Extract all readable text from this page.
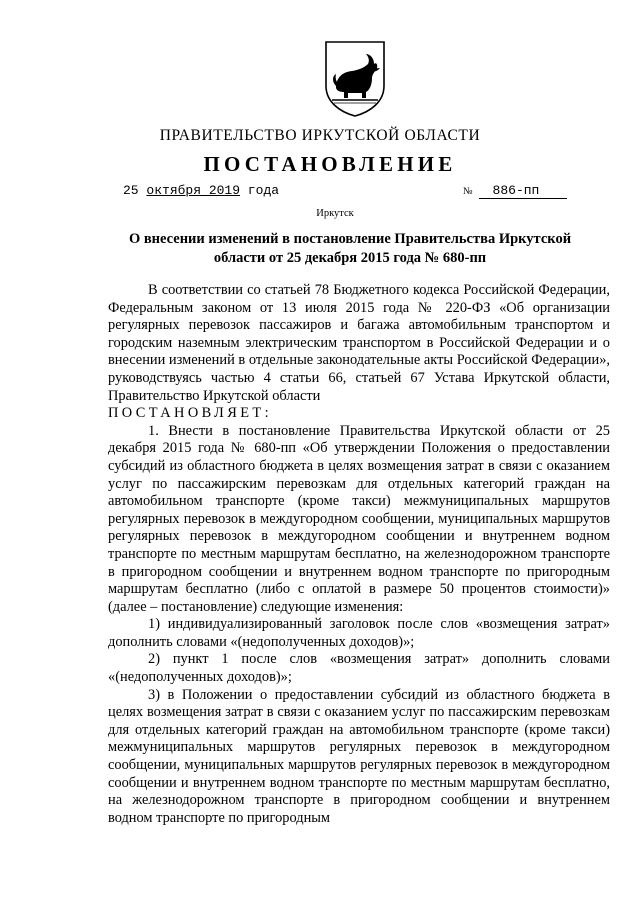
ПРАВИТЕЛЬСТВО ИРКУТСКОЙ ОБЛАСТИ
ПОСТАНОВЛЕНИЕ
25 октября 2019 года	№ 886-пп
Иркутск
О внесении изменений в постановление Правительства Иркутской
области от 25 декабря 2015 года № 680-пп

В соответствии со статьей 78 Бюджетного кодекса Российской Федерации, Федеральным законом от 13 июля 2015 года № 220-ФЗ «Об организации регулярных перевозок пассажиров и багажа автомобильным транспортом и городским наземным электрическим транспортом в Российской Федерации и о внесении изменений в отдельные законодательные акты Российской Федерации», руководствуясь частью 4 статьи 66, статьей 67 Устава Иркутской области, Правительство Иркутской области

ПОСТАНОВЛЯЕТ:

1. Внести в постановление Правительства Иркутской области от 25 декабря 2015 года № 680-пп «Об утверждении Положения о предоставлении субсидий из областного бюджета в целях возмещения затрат в связи с оказанием услуг по пассажирским перевозкам для отдельных категорий граждан на автомобильном транспорте (кроме такси) межмуниципальных маршрутов регулярных перевозок в междугородном сообщении, муниципальных маршрутов регулярных перевозок в междугородном сообщении и внутреннем водном транспорте по местным маршрутам бесплатно, на железнодорожном транспорте в пригородном сообщении и внутреннем водном транспорте по пригородным маршрутам бесплатно (либо с оплатой в размере 50 процентов стоимости)» (далее – постановление) следующие изменения:

1) индивидуализированный заголовок после слов «возмещения затрат» дополнить словами «(недополученных доходов)»;

2) пункт 1 после слов «возмещения затрат» дополнить словами «(недополученных доходов)»;

3) в Положении о предоставлении субсидий из областного бюджета в целях возмещения затрат в связи с оказанием услуг по пассажирским перевозкам для отдельных категорий граждан на автомобильном транспорте (кроме такси) межмуниципальных маршрутов регулярных перевозок в междугородном сообщении, муниципальных маршрутов регулярных перевозок в междугородном сообщении и внутреннем водном транспорте по местным маршрутам бесплатно, на железнодорожном транспорте в пригородном сообщении и внутреннем водном транспорте по пригородным
